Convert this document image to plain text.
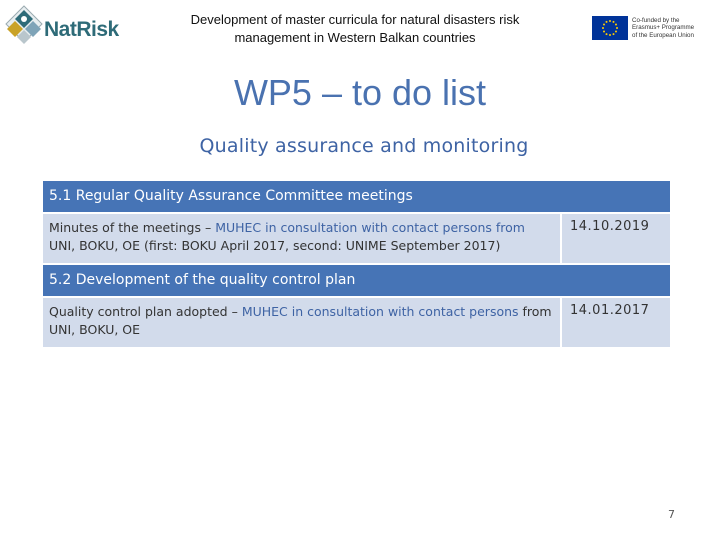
NatRisk	Development of master curricula for natural disasters risk
management in Western Balkan countries
Co-funded by the
Erasmus+ Programme
of the European Union
WP5 – to do list
Quality assurance and monitoring
5.1 Regular Quality Assurance Committee meetings
Minutes of the meetings – MUHEC in consultation with contact persons from UNI, BOKU, OE (first: BOKU April 2017, second: UNIME September 2017)
14.10.2019
5.2 Development of the quality control plan
Quality control plan adopted – MUHEC in consultation with contact persons from UNI, BOKU, OE
14.01.2017
7
